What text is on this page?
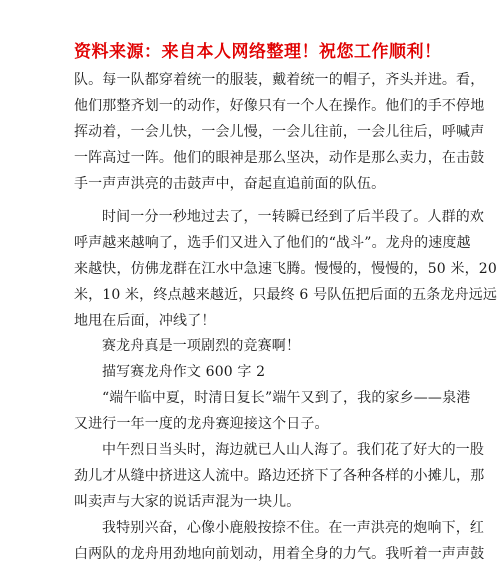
资料来源：来自本人网络整理！祝您工作顺利！
队。每一队都穿着统一的服装，戴着统一的帽子，齐头并进。看，
他们那整齐划一的动作，好像只有一个人在操作。他们的手不停地
挥动着，一会儿快，一会儿慢，一会儿往前，一会儿往后，呼喊声
一阵高过一阵。他们的眼神是那么坚决，动作是那么卖力，在击鼓
手一声声洪亮的击鼓声中，奋起直追前面的队伍。
时间一分一秒地过去了，一转瞬已经到了后半段了。人群的欢
呼声越来越响了，选手们又进入了他们的“战斗”。龙舟的速度越
来越快，仿佛龙群在江水中急速飞腾。慢慢的，慢慢的，50 米，20
米，10 米，终点越来越近，只最终 6 号队伍把后面的五条龙舟远远
地甩在后面，冲线了！
赛龙舟真是一项剧烈的竞赛啊！
描写赛龙舟作文 600 字 2
“端午临中夏，时清日复长”端午又到了，我的家乡——泉港
又进行一年一度的龙舟赛迎接这个日子。
中午烈日当头时，海边就已人山人海了。我们花了好大的一股
劲儿才从缝中挤进这人流中。路边还挤下了各种各样的小摊儿，那
叫卖声与大家的说话声混为一块儿。
我特别兴奋，心像小鹿般按捺不住。在一声洪亮的炮响下，红
白两队的龙舟用劲地向前划动，用着全身的力气。我听着一声声鼓
